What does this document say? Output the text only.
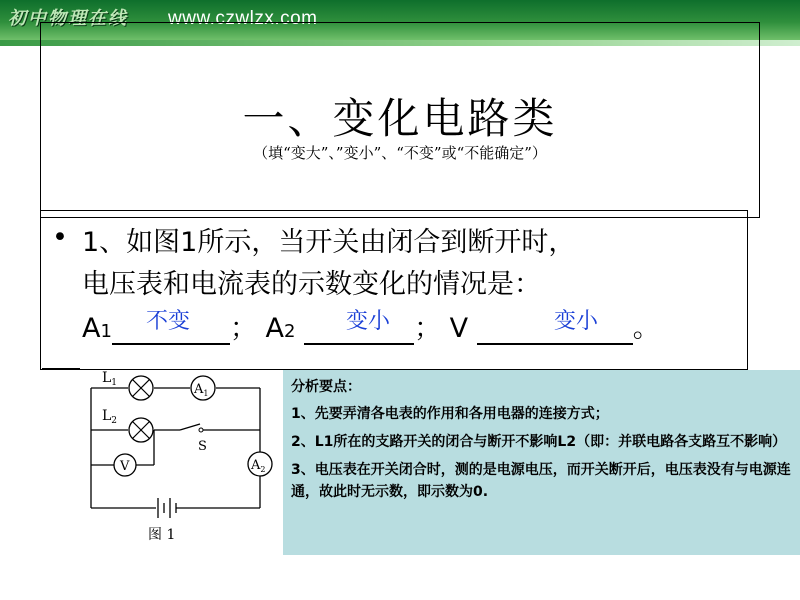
初中物理在线 www.czwlzx.com
一、变化电路类
（填“变大”、”变小”、“不变”或“不能确定”）
• 1、如图1所示，当开关由闭合到断开时，
电压表和电流表的示数变化的情况是：
A1	； A2	； V	。
不变	变小	变小
$L_1$
$L_2$
S
$A_1$
V	$A_2$
图 1

分析要点：

1、先要弄清各电表的作用和各用电器的连接方式；

2、L1所在的支路开关的闭合与断开不影响L2（即：并联电路各支路互不影响）

3、电压表在开关闭合时，测的是电源电压，而开关断开后，电压表没有与电源连通，故此时无示数，即示数为0.
